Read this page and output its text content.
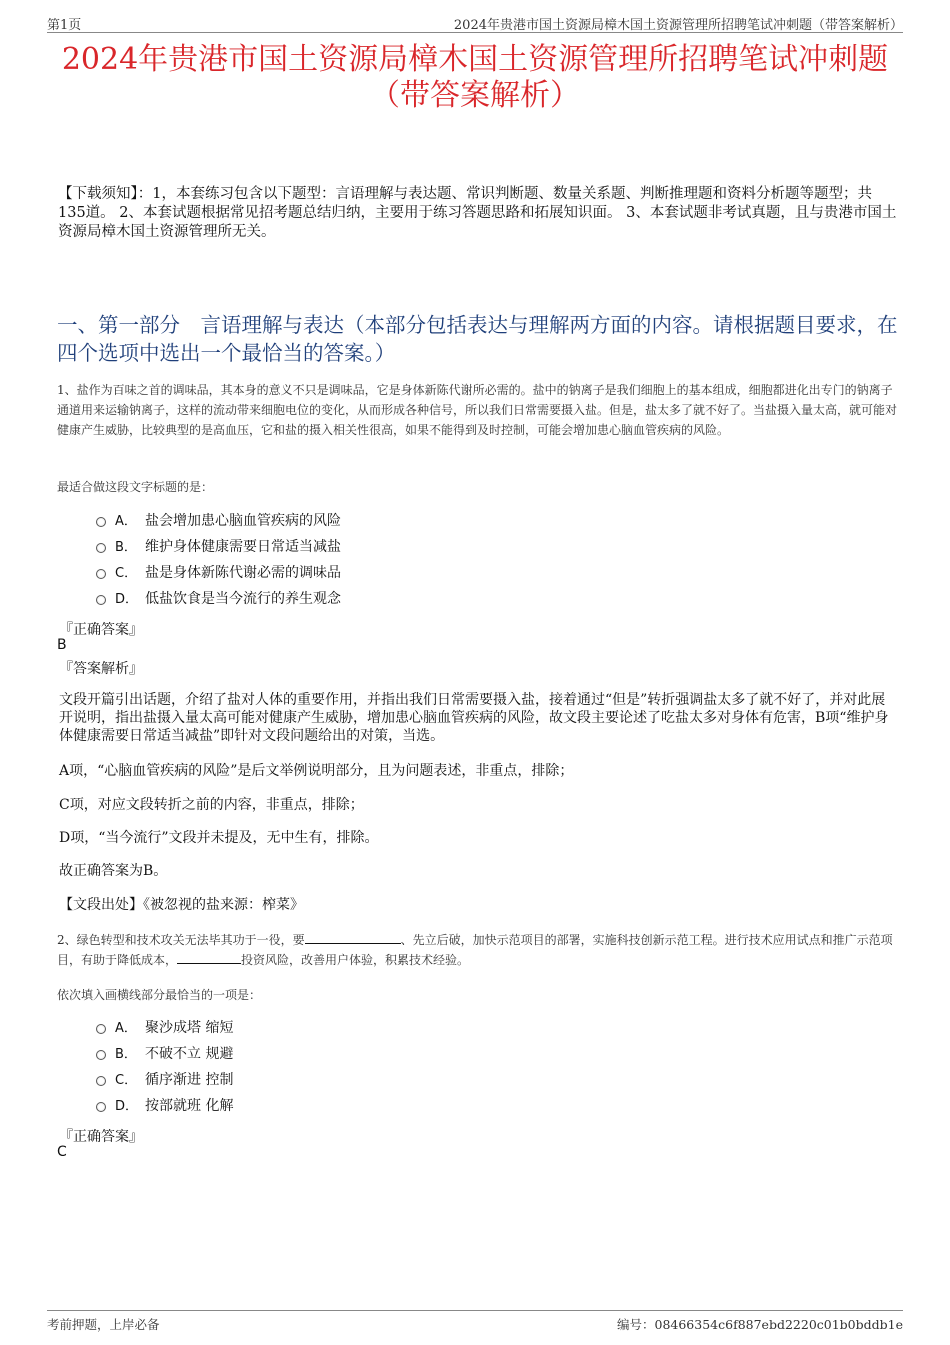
第1页	2024年贵港市国土资源局樟木国土资源管理所招聘笔试冲刺题（带答案解析）
2024年贵港市国土资源局樟木国土资源管理所招聘笔试冲刺题
（带答案解析）
【下载须知】：1，本套练习包含以下题型：言语理解与表达题、常识判断题、数量关系题、判断推理题和资料分析题等题型；共135道。 2、本套试题根据常见招考题总结归纳，主要用于练习答题思路和拓展知识面。 3、本套试题非考试真题，且与贵港市国土资源局樟木国土资源管理所无关。
一、第一部分　言语理解与表达（本部分包括表达与理解两方面的内容。请根据题目要求，在四个选项中选出一个最恰当的答案。）
1、盐作为百味之首的调味品，其本身的意义不只是调味品，它是身体新陈代谢所必需的。盐中的钠离子是我们细胞上的基本组成，细胞都进化出专门的钠离子通道用来运输钠离子，这样的流动带来细胞电位的变化，从而形成各种信号，所以我们日常需要摄入盐。但是，盐太多了就不好了。当盐摄入量太高，就可能对健康产生威胁，比较典型的是高血压，它和盐的摄入相关性很高，如果不能得到及时控制，可能会增加患心脑血管疾病的风险。
最适合做这段文字标题的是：
A． 盐会增加患心脑血管疾病的风险
B． 维护身体健康需要日常适当减盐
C． 盐是身体新陈代谢必需的调味品
D． 低盐饮食是当今流行的养生观念
『正确答案』
B
『答案解析』
文段开篇引出话题，介绍了盐对人体的重要作用，并指出我们日常需要摄入盐，接着通过“但是”转折强调盐太多了就不好了，并对此展开说明，指出盐摄入量太高可能对健康产生威胁，增加患心脑血管疾病的风险，故文段主要论述了吃盐太多对身体有危害，B项“维护身体健康需要日常适当减盐”即针对文段问题给出的对策，当选。
A项，“心脑血管疾病的风险”是后文举例说明部分，且为问题表述，非重点，排除；
C项，对应文段转折之前的内容，非重点，排除；
D项，“当今流行”文段并未提及，无中生有，排除。
故正确答案为B。
【文段出处】《被忽视的盐来源：榨菜》
2、绿色转型和技术攻关无法毕其功于一役，要	、先立后破，加快示范项目的部署，实施科技创新示范工程。进行技术应用试点和推广示范项目，有助于降低成本，	投资风险，改善用户体验，积累技术经验。
依次填入画横线部分最恰当的一项是：
A． 聚沙成塔 缩短
B． 不破不立 规避
C． 循序渐进 控制
D． 按部就班 化解
『正确答案』
C
考前押题，上岸必备	编号：08466354c6f887ebd2220c01b0bddb1e
